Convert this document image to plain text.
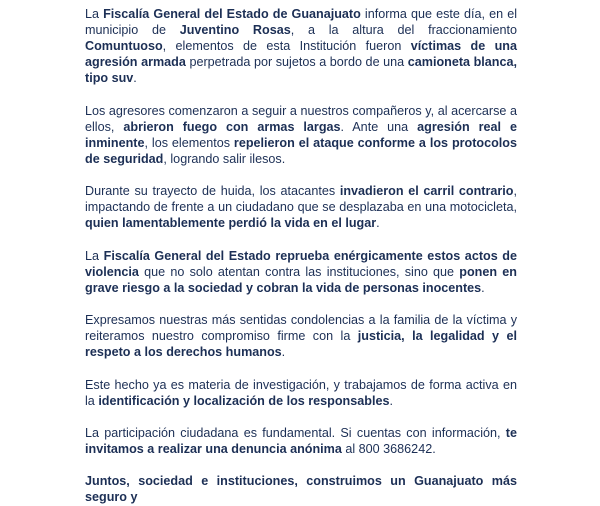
La Fiscalía General del Estado de Guanajuato informa que este día, en el municipio de Juventino Rosas, a la altura del fraccionamiento Comuntuoso, elementos de esta Institución fueron víctimas de una agresión armada perpetrada por sujetos a bordo de una camioneta blanca, tipo suv.

Los agresores comenzaron a seguir a nuestros compañeros y, al acercarse a ellos, abrieron fuego con armas largas. Ante una agresión real e inminente, los elementos repelieron el ataque conforme a los protocolos de seguridad, logrando salir ilesos.

Durante su trayecto de huida, los atacantes invadieron el carril contrario, impactando de frente a un ciudadano que se desplazaba en una motocicleta, quien lamentablemente perdió la vida en el lugar.

La Fiscalía General del Estado reprueba enérgicamente estos actos de violencia que no solo atentan contra las instituciones, sino que ponen en grave riesgo a la sociedad y cobran la vida de personas inocentes.

Expresamos nuestras más sentidas condolencias a la familia de la víctima y reiteramos nuestro compromiso firme con la justicia, la legalidad y el respeto a los derechos humanos.

Este hecho ya es materia de investigación, y trabajamos de forma activa en la identificación y localización de los responsables.

La participación ciudadana es fundamental. Si cuentas con información, te invitamos a realizar una denuncia anónima al 800 3686242.

Juntos, sociedad e instituciones, construimos un Guanajuato más seguro y
